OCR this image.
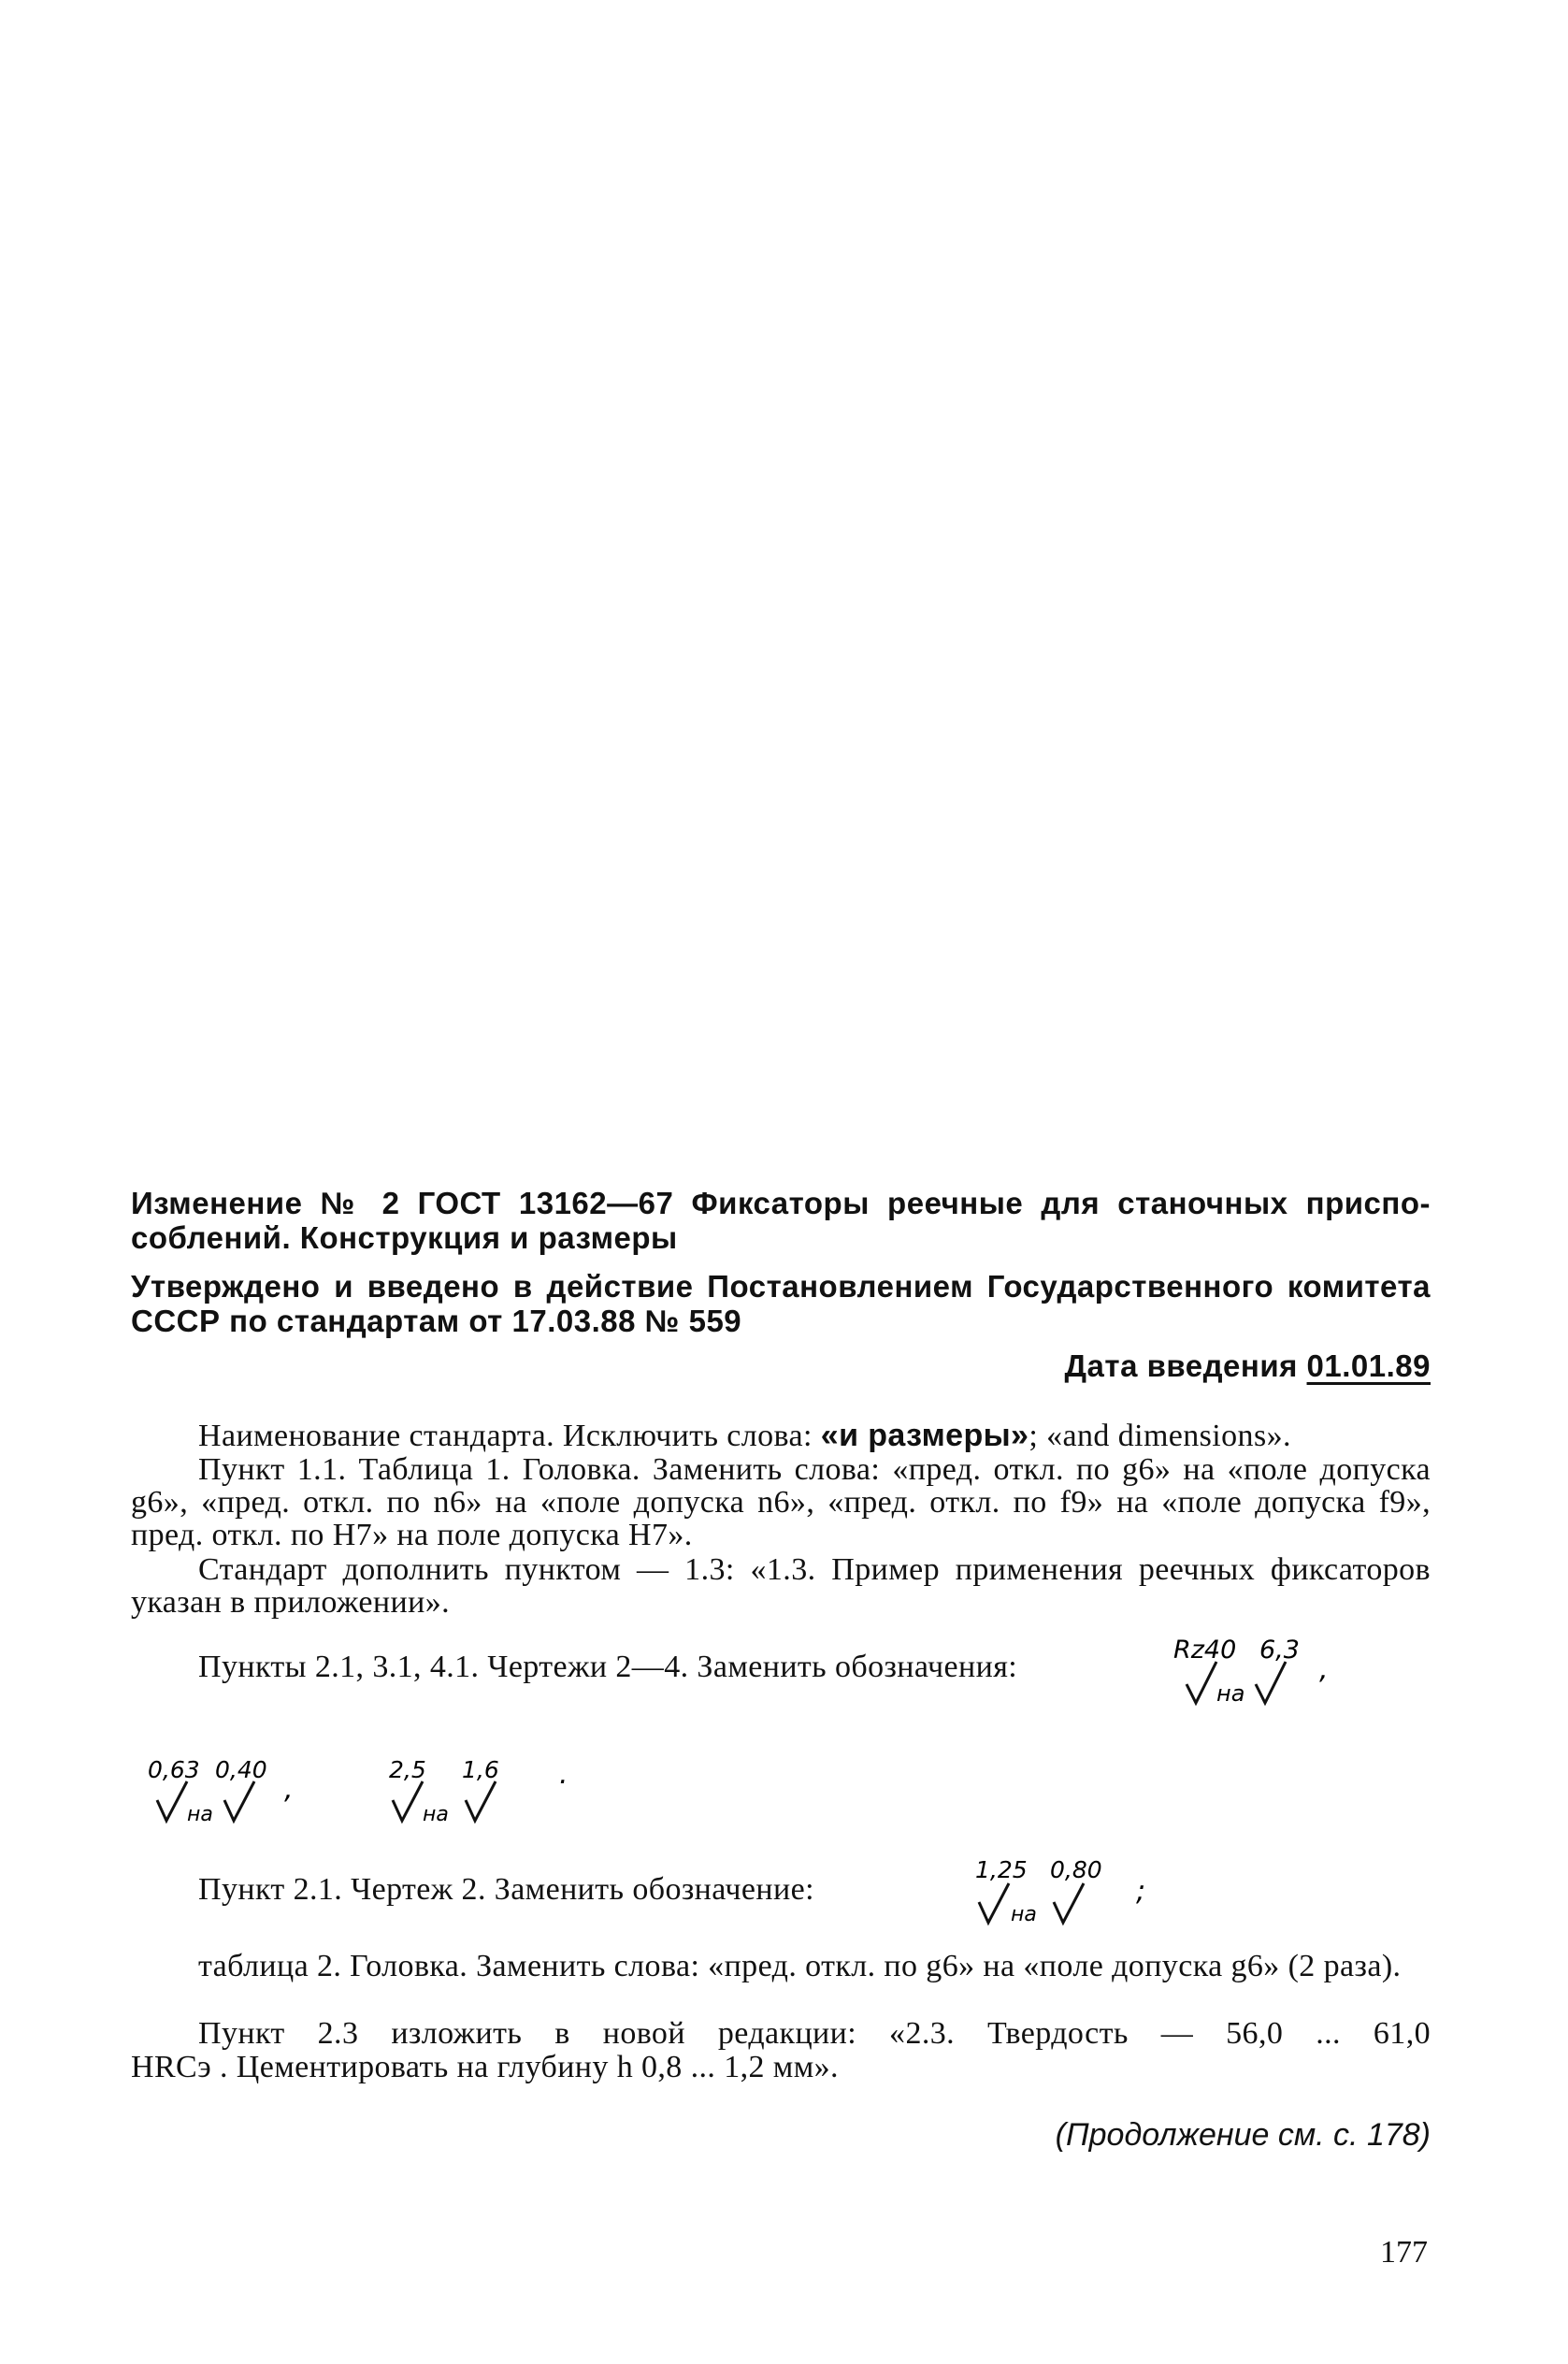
Изменение № 2 ГОСТ 13162—67 Фиксаторы реечные для станочных приспо-
соблений. Конструкция и размеры
Утверждено и введено в действие Постановлением Государственного комитета
СССР по стандартам от 17.03.88 № 559
Дата введения 01.01.89

Наименование стандарта. Исключить слова: «и размеры»; «and dimensions».

Пункт 1.1. Таблица 1. Головка. Заменить слова: «пред. откл. по g6» на «поле допуска g6», «пред. откл. по n6» на «поле допуска n6», «пред. откл. по f9» на «поле допуска f9», пред. откл. по H7» на поле допуска H7».

Стандарт дополнить пунктом — 1.3: «1.3. Пример применения реечных фиксаторов указан в приложении».

Пункты 2.1, 3.1, 4.1. Чертежи 2—4. Заменить обозначения:	Rz40 6,3
на
,
0,63 0,40
на
,
2,5 1,6
на
.
Пункт 2.1. Чертеж 2. Заменить обозначение:
1,25 0,80
на
;

таблица 2. Головка. Заменить слова: «пред. откл. по g6» на «поле допуска g6» (2 раза).

Пункт 2.3 изложить в новой редакции: «2.3. Твердость — 56,0 ... 61,0
HRCэ . Цементировать на глубину h 0,8 ... 1,2 мм».
(Продолжение см. с. 178)
177
